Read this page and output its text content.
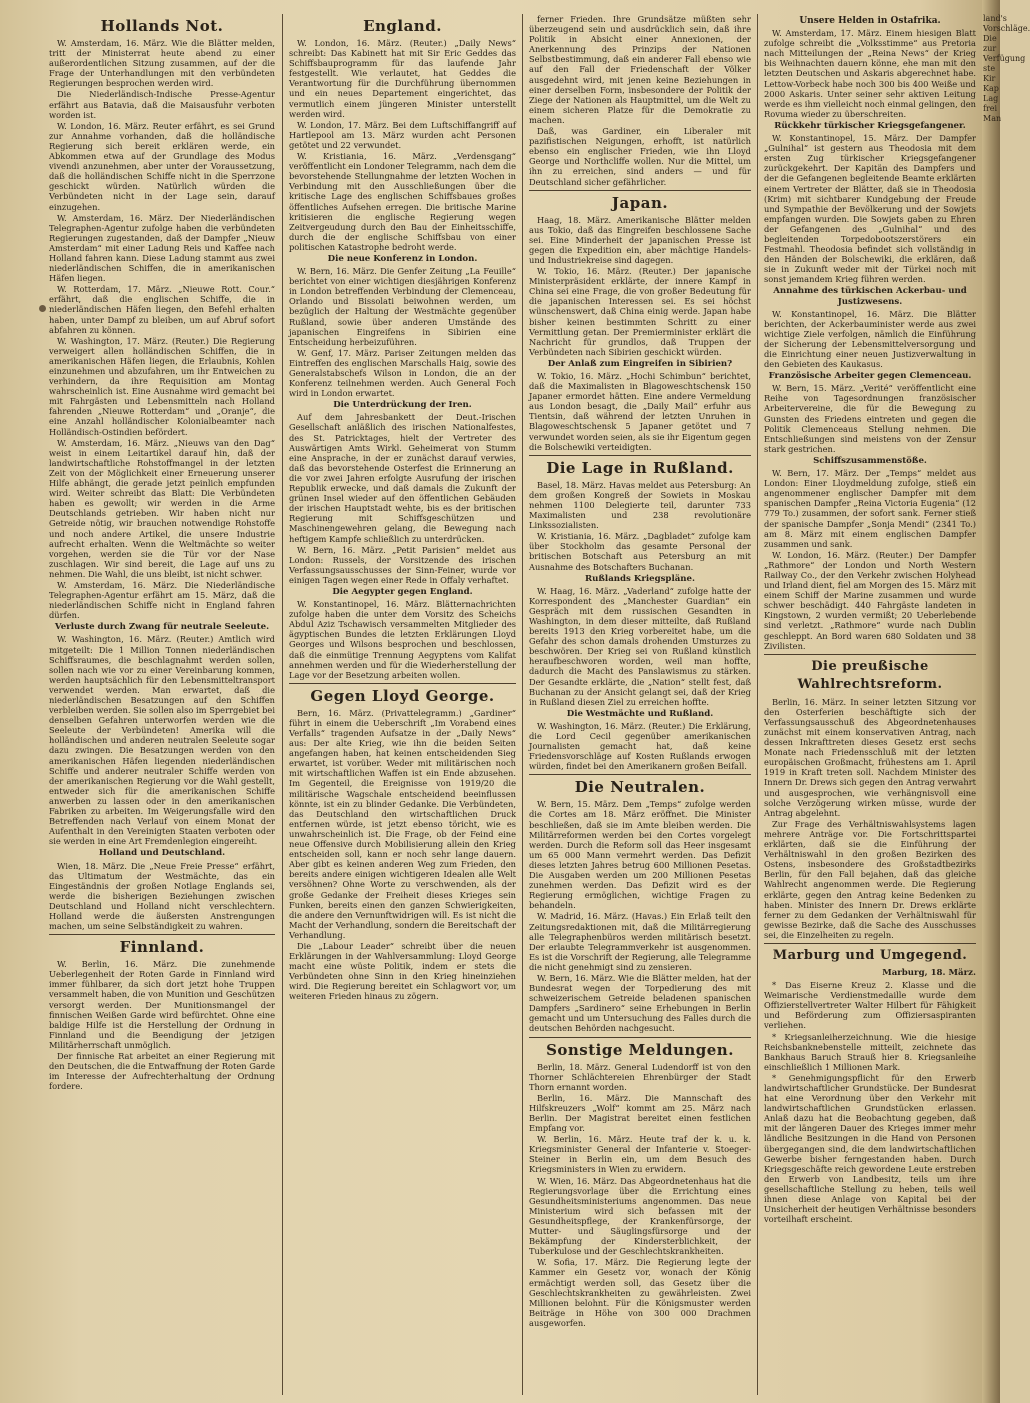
Hollands Not.

W. Amsterdam, 16. März. Wie die Blätter melden, tritt der Ministerrat heute abend zu einer außerordentlichen Sitzung zusammen, auf der die Frage der Unterhandlungen mit den verbündeten Regierungen besprochen werden wird.

Die Niederländisch-Indische Presse-Agentur erfährt aus Batavia, daß die Maisausfuhr verboten worden ist.

W. London, 16. März. Reuter erfährt, es sei Grund zur Annahme vorhanden, daß die holländische Regierung sich bereit erklären werde, ein Abkommen etwa auf der Grundlage des Modus vivendi anzunehmen, aber unter der Voraussetzung, daß die holländischen Schiffe nicht in die Sperrzone geschickt würden. Natürlich würden die Verbündeten nicht in der Lage sein, darauf einzugehen.

W. Amsterdam, 16. März. Der Niederländischen Telegraphen-Agentur zufolge haben die verbündeten Regierungen zugestanden, daß der Dampfer „Nieuw Amsterdam“ mit einer Ladung Reis und Kaffee nach Holland fahren kann. Diese Ladung stammt aus zwei niederländischen Schiffen, die in amerikanischen Häfen liegen.

W. Rotterdam, 17. März. „Nieuwe Rott. Cour.“ erfährt, daß die englischen Schiffe, die in niederländischen Häfen liegen, den Befehl erhalten haben, unter Dampf zu bleiben, um auf Abruf sofort abfahren zu können.

W. Washington, 17. März. (Reuter.) Die Regierung verweigert allen holländischen Schiffen, die in amerikanischen Häfen liegen, die Erlaubnis, Kohlen einzunehmen und abzufahren, um ihr Entweichen zu verhindern, da ihre Requisition am Montag wahrscheinlich ist. Eine Ausnahme wird gemacht bei mit Fahrgästen und Lebensmitteln nach Holland fahrenden „Nieuwe Rotterdam“ und „Oranje“, die eine Anzahl holländischer Kolonialbeamter nach Holländisch-Ostindien befördert.

W. Amsterdam, 16. März. „Nieuws van den Dag“ weist in einem Leitartikel darauf hin, daß der landwirtschaftliche Rohstoffmangel in der letzten Zeit von der Möglichkeit einer Erneuerung unserer Hilfe abhängt, die gerade jetzt peinlich empfunden wird. Weiter schreibt das Blatt: Die Verbündeten haben es gewollt; wir werden in die Arme Deutschlands getrieben. Wir haben nicht nur Getreide nötig, wir brauchen notwendige Rohstoffe und noch andere Artikel, die unsere Industrie aufrecht erhalten. Wenn die Weltmächte so weiter vorgehen, werden sie die Tür vor der Nase zuschlagen. Wir sind bereit, die Lage auf uns zu nehmen. Die Wahl, die uns bleibt, ist nicht schwer.

W. Amsterdam, 16. März. Die Niederländische Telegraphen-Agentur erfährt am 15. März, daß die niederländischen Schiffe nicht in England fahren dürfen.

Verluste durch Zwang für neutrale Seeleute.

W. Washington, 16. März. (Reuter.) Amtlich wird mitgeteilt: Die 1 Million Tonnen niederländischen Schiffsraumes, die beschlagnahmt werden sollen, sollen nach wie vor zu einer Vereinbarung kommen, werden hauptsächlich für den Lebensmitteltransport verwendet werden. Man erwartet, daß die niederländischen Besatzungen auf den Schiffen verbleiben werden. Sie sollen also im Sperrgebiet bei denselben Gefahren unterworfen werden wie die Seeleute der Verbündeten! Amerika will die holländischen und anderen neutralen Seeleute sogar dazu zwingen. Die Besatzungen werden von den amerikanischen Häfen liegenden niederländischen Schiffe und anderer neutraler Schiffe werden von der amerikanischen Regierung vor die Wahl gestellt, entweder sich für die amerikanischen Schiffe anwerben zu lassen oder in den amerikanischen Fabriken zu arbeiten. Im Weigerungsfalle wird den Betreffenden nach Verlauf von einem Monat der Aufenthalt in den Vereinigten Staaten verboten oder sie werden in eine Art Fremdenlegion eingereiht.

Holland und Deutschland.

Wien, 18. März. Die „Neue Freie Presse“ erfährt, das Ultimatum der Westmächte, das ein Eingeständnis der großen Notlage Englands sei, werde die bisherigen Beziehungen zwischen Deutschland und Holland nicht verschlechtern. Holland werde die äußersten Anstrengungen machen, um seine Selbständigkeit zu wahren.

Finnland.

W. Berlin, 16. März. Die zunehmende Ueberlegenheit der Roten Garde in Finnland wird immer fühlbarer, da sich dort jetzt hohe Truppen versammelt haben, die von Munition und Geschützen versorgt werden. Der Munitionsmangel der finnischen Weißen Garde wird befürchtet. Ohne eine baldige Hilfe ist die Herstellung der Ordnung in Finnland und die Beendigung der jetzigen Militärherrschaft unmöglich.

Der finnische Rat arbeitet an einer Regierung mit den Deutschen, die die Entwaffnung der Roten Garde im Interesse der Aufrechterhaltung der Ordnung fordere.

England.

W. London, 16. März. (Reuter.) „Daily News“ schreibt: Das Kabinett hat mit Sir Eric Geddes das Schiffsbauprogramm für das laufende Jahr festgestellt. Wie verlautet, hat Geddes die Verantwortung für die Durchführung übernommen und ein neues Departement eingerichtet, das vermutlich einem jüngeren Minister unterstellt werden wird.

W. London, 17. März. Bei dem Luftschiffangriff auf Hartlepool am 13. März wurden acht Personen getötet und 22 verwundet.

W. Kristiania, 16. März. „Verdensgang“ veröffentlicht ein Londoner Telegramm, nach dem die bevorstehende Stellungnahme der letzten Wochen in Verbindung mit den Ausschließungen über die kritische Lage des englischen Schiffsbaues großes öffentliches Aufsehen erregen. Die britische Marine kritisieren die englische Regierung wegen Zeitvergeudung durch den Bau der Einheitsschiffe, durch die der englische Schiffsbau von einer politischen Katastrophe bedroht werde.

Die neue Konferenz in London.

W. Bern, 16. März. Die Genfer Zeitung „La Feuille“ berichtet von einer wichtigen diesjährigen Konferenz in London betreffenden Verbindung der Clemenceau, Orlando und Bissolati beiwohnen werden, um bezüglich der Haltung der Westmächte gegenüber Rußland, sowie über anderen Umstände des japanischen Eingreifens in Sibirien eine Entscheidung herbeizuführen.

W. Genf, 17. März. Pariser Zeitungen melden das Eintreffen des englischen Marschalls Haig, sowie des Generalstabschefs Wilson in London, die an der Konferenz teilnehmen werden. Auch General Foch wird in London erwartet.

Die Unterdrückung der Iren.

Auf dem Jahresbankett der Deut.-Irischen Gesellschaft anläßlich des irischen Nationalfestes, des St. Patricktages, hielt der Vertreter des Auswärtigen Amts Wirkl. Geheimerat von Stumm eine Ansprache, in der er zunächst darauf verwies, daß das bevorstehende Osterfest die Erinnerung an die vor zwei Jahren erfolgte Ausrufung der irischen Republik erwecke, und daß damals die Zukunft der grünen Insel wieder auf den öffentlichen Gebäuden der irischen Hauptstadt wehte, bis es der britischen Regierung mit Schiffsgeschützen und Maschinengewehren gelang, die Bewegung nach heftigem Kampfe schließlich zu unterdrücken.

W. Bern, 16. März. „Petit Parisien“ meldet aus London: Russels, der Vorsitzende des irischen Verfassungsausschusses der Sinn-Feiner, wurde vor einigen Tagen wegen einer Rede in Offaly verhaftet.

Die Aegypter gegen England.

W. Konstantinopel, 16. März. Blätternachrichten zufolge haben die unter dem Vorsitz des Scheichs Abdul Aziz Tschawisch versammelten Mitglieder des ägyptischen Bundes die letzten Erklärungen Lloyd Georges und Wilsons besprochen und beschlossen, daß die einmütige Trennung Aegyptens vom Kalifat annehmen werden und für die Wiederherstellung der Lage vor der Besetzung arbeiten wollen.

Gegen Lloyd George.

Bern, 16. März. (Privattelegramm.) „Gardiner“ führt in einem die Ueberschrift „Im Vorabend eines Verfalls“ tragenden Aufsatze in der „Daily News“ aus: Der alte Krieg, wie ihn die beiden Seiten angefangen haben, hat keinen entscheidenden Sieg erwartet, ist vorüber. Weder mit militärischen noch mit wirtschaftlichen Waffen ist ein Ende abzusehen. Im Gegenteil, die Ereignisse von 1919/20 die militärische Wagschale entscheidend beeinflussen könnte, ist ein zu blinder Gedanke. Die Verbündeten, das Deutschland den wirtschaftlichen Druck entfernen würde, ist jetzt ebenso töricht, wie es unwahrscheinlich ist. Die Frage, ob der Feind eine neue Offensive durch Mobilisierung allein den Krieg entscheiden soll, kann er noch sehr lange dauern. Aber gibt es keinen anderen Weg zum Frieden, den bereits andere einigen wichtigeren Idealen alle Welt versöhnen? Ohne Worte zu verschwenden, als der große Gedanke der Freiheit dieses Krieges sein Funken, bereits einen den ganzen Schwierigkeiten, die andere den Vernunftwidrigen will. Es ist nicht die Macht der Verhandlung, sondern die Bereitschaft der Verhandlung.

Die „Labour Leader“ schreibt über die neuen Erklärungen in der Wahlversammlung: Lloyd George macht eine wüste Politik, indem er stets die Verbündeten ohne Sinn in den Krieg hineinziehen wird. Die Regierung bereitet ein Schlagwort vor, um weiteren Frieden hinaus zu zögern.

ferner Frieden. Ihre Grundsätze müßten sehr überzeugend sein und ausdrücklich sein, daß ihre Politik in Absicht einer Annexionen, der Anerkennung des Prinzips der Nationen Selbstbestimmung, daß ein anderer Fall ebenso wie auf den Fall der Friedenschaft der Völker ausgedehnt wird, mit jenen keine Beziehungen in einer derselben Form, insbesondere der Politik der Ziege der Nationen als Hauptmittel, um die Welt zu einem sicheren Platze für die Demokratie zu machen.

Daß, was Gardiner, ein Liberaler mit pazifistischen Neigungen, erhofft, ist natürlich ebenso ein englischer Frieden, wie ihn Lloyd George und Northcliffe wollen. Nur die Mittel, um ihn zu erreichen, sind anders — und für Deutschland sicher gefährlicher.

Japan.

Haag, 18. März. Amerikanische Blätter melden aus Tokio, daß das Eingreifen beschlossene Sache sei. Eine Minderheit der japanischen Presse ist gegen die Expedition ein, aber mächtige Handels- und Industriekreise sind dagegen.

W. Tokio, 16. März. (Reuter.) Der japanische Ministerpräsident erklärte, der innere Kampf in China sei eine Frage, die von großer Bedeutung für die japanischen Interessen sei. Es sei höchst wünschenswert, daß China einig werde. Japan habe bisher keinen bestimmten Schritt zu einer Vermittlung getan. Der Premierminister erklärt die Nachricht für grundlos, daß Truppen der Verbündeten nach Sibirien geschickt würden.

Der Anlaß zum Eingreifen in Sibirien?

W. Tokio, 16. März. „Hochi Schimbun“ berichtet, daß die Maximalisten in Blagoweschtschensk 150 Japaner ermordet hätten. Eine andere Vermeldung aus London besagt, die „Daily Mail“ erfuhr aus Tientsin, daß während der letzten Unruhen in Blagoweschtschensk 5 Japaner getötet und 7 verwundet worden seien, als sie ihr Eigentum gegen die Bolschewiki verteidigten.

Die Lage in Rußland.

Basel, 18. März. Havas meldet aus Petersburg: An dem großen Kongreß der Sowiets in Moskau nehmen 1100 Delegierte teil, darunter 733 Maximalisten und 238 revolutionäre Linkssozialisten.

W. Kristiania, 16. März. „Dagbladet“ zufolge kam über Stockholm das gesamte Personal der britischen Botschaft aus Petersburg an mit Ausnahme des Botschafters Buchanan.

Rußlands Kriegspläne.

W. Haag, 16. März. „Vaderland“ zufolge hatte der Korrespondent des „Manchester Guardian“ ein Gespräch mit dem russischen Gesandten in Washington, in dem dieser mitteilte, daß Rußland bereits 1913 den Krieg vorbereitet habe, um die Gefahr des schon damals drohenden Umsturzes zu beschwören. Der Krieg sei von Rußland künstlich heraufbeschworen worden, weil man hoffte, dadurch die Macht des Panslawismus zu stärken. Der Gesandte erklärte, die „Nation“ stellt fest, daß Buchanan zu der Ansicht gelangt sei, daß der Krieg in Rußland diesen Ziel zu erreichen hoffte.

Die Westmächte und Rußland.

W. Washington, 16. März. (Reuter.) Die Erklärung, die Lord Cecil gegenüber amerikanischen Journalisten gemacht hat, daß keine Friedensvorschläge auf Kosten Rußlands erwogen würden, findet bei den Amerikanern großen Beifall.

Die Neutralen.

W. Bern, 15. März. Dem „Temps“ zufolge werden die Cortes am 18. März eröffnet. Die Minister beschließen, daß sie im Amte bleiben werden. Die Militärreformen werden bei den Cortes vorgelegt werden. Durch die Reform soll das Heer insgesamt um 65 000 Mann vermehrt werden. Das Defizit dieses letzten Jahres betrug 600 Millionen Pesetas. Die Ausgaben werden um 200 Millionen Pesetas zunehmen werden. Das Defizit wird es der Regierung ermöglichen, wichtige Fragen zu behandeln.

W. Madrid, 16. März. (Havas.) Ein Erlaß teilt den Zeitungsredaktionen mit, daß die Militärregierung alle Telegraphenbüros werden militärisch besetzt. Der erlaubte Telegrammverkehr ist ausgenommen. Es ist die Vorschrift der Regierung, alle Telegramme die nicht genehmigt sind zu zensieren.

W. Bern, 16. März. Wie die Blätter melden, hat der Bundesrat wegen der Torpedierung des mit schweizerischem Getreide beladenen spanischen Dampfers „Sardinero“ seine Erhebungen in Berlin gemacht und um Untersuchung des Falles durch die deutschen Behörden nachgesucht.

Sonstige Meldungen.

Berlin, 18. März. General Ludendorff ist von den Thorner Schlächtereien Ehrenbürger der Stadt Thorn ernannt worden.

Berlin, 16. März. Die Mannschaft des Hilfskreuzers „Wolf“ kommt am 25. März nach Berlin. Der Magistrat bereitet einen festlichen Empfang vor.

W. Berlin, 16. März. Heute traf der k. u. k. Kriegsminister General der Infanterie v. Stoeger-Steiner in Berlin ein, um dem Besuch des Kriegsministers in Wien zu erwidern.

W. Wien, 16. März. Das Abgeordnetenhaus hat die Regierungsvorlage über die Errichtung eines Gesundheitsministeriums angenommen. Das neue Ministerium wird sich befassen mit der Gesundheitspflege, der Krankenfürsorge, der Mutter- und Säuglingsfürsorge und der Bekämpfung der Kindersterblichkeit, der Tuberkulose und der Geschlechtskrankheiten.

W. Sofia, 17. März. Die Regierung legte der Kammer ein Gesetz vor, wonach der König ermächtigt werden soll, das Gesetz über die Geschlechtskrankheiten zu gewährleisten. Zwei Millionen belohnt. Für die Königsmuster werden Beiträge in Höhe von 300 000 Drachmen ausgeworfen.

Unsere Helden in Ostafrika.

W. Amsterdam, 17. März. Einem hiesigen Blatt zufolge schreibt die „Volksstimme“ aus Pretoria nach Mitteilungen der „Reina News“ der Krieg bis Weihnachten dauern könne, ehe man mit den letzten Deutschen und Askaris abgerechnet habe. Lettow-Vorbeck habe noch 300 bis 400 Weiße und 2000 Askaris. Unter seiner sehr aktiven Leitung werde es ihm vielleicht noch einmal gelingen, den Rovuma wieder zu überschreiten.

Rückkehr türkischer Kriegsgefangener.

W. Konstantinopel, 15. März. Der Dampfer „Gulnihal“ ist gestern aus Theodosia mit dem ersten Zug türkischer Kriegsgefangener zurückgekehrt. Der Kapitän des Dampfers und der die Gefangenen begleitende Beamte erklärten einem Vertreter der Blätter, daß sie in Theodosia (Krim) mit sichtbarer Kundgebung der Freude und Sympathie der Bevölkerung und der Sowjets empfangen wurden. Die Sowjets gaben zu Ehren der Gefangenen des „Gulnihal“ und des begleitenden Torpedobootszerstörers ein Festmahl. Theodosia befindet sich vollständig in den Händen der Bolschewiki, die erklären, daß sie in Zukunft weder mit der Türkei noch mit sonst jemandem Krieg führen werden.

Annahme des türkischen Ackerbau- und Justizwesens.

W. Konstantinopel, 16. März. Die Blätter berichten, der Ackerbauminister werde aus zwei wichtige Ziele verfolgen, nämlich die Einführung der Sicherung der Lebensmittelversorgung und die Einrichtung einer neuen Justizverwaltung in den Gebieten des Kaukasus.

Französische Arbeiter gegen Clemenceau.

W. Bern, 15. März. „Verité“ veröffentlicht eine Reihe von Tagesordnungen französischer Arbeitervereine, die für die Bewegung zu Gunsten des Friedens eintreten und gegen die Politik Clemenceaus Stellung nehmen. Die Entschließungen sind meistens von der Zensur stark gestrichen.

Schiffszusammenstöße.

W. Bern, 17. März. Der „Temps“ meldet aus London: Einer Lloydmeldung zufolge, stieß ein angenommener englischer Dampfer mit dem spanischen Dampfer „Reina Victoria Eugenia“ (12 779 To.) zusammen, der sofort sank. Ferner stieß der spanische Dampfer „Sonja Mendi“ (2341 To.) am 8. März mit einem englischen Dampfer zusammen und sank.

W. London, 16. März. (Reuter.) Der Dampfer „Rathmore“ der London und North Western Railway Co., der den Verkehr zwischen Holyhead und Irland dient, fiel am Morgen des 15. März mit einem Schiff der Marine zusammen und wurde schwer beschädigt. 440 Fahrgäste landeten in Kingstown, 2 wurden vermißt; 20 Ueberlebende sind verletzt. „Rathmore“ wurde nach Dublin geschleppt. An Bord waren 680 Soldaten und 38 Zivilisten.

Die preußische Wahlrechtsreform.

Berlin, 16. März. In seiner letzten Sitzung vor den Osterferien beschäftigte sich der Verfassungsausschuß des Abgeordnetenhauses zunächst mit einem konservativen Antrag, nach dessen Inkrafttreten dieses Gesetz erst sechs Monate nach Friedensschluß mit der letzten europäischen Großmacht, frühestens am 1. April 1919 in Kraft treten soll. Nachdem Minister des Innern Dr. Drews sich gegen den Antrag verwahrt und ausgesprochen, wie verhängnisvoll eine solche Verzögerung wirken müsse, wurde der Antrag abgelehnt.

Zur Frage des Verhältniswahlsystems lagen mehrere Anträge vor. Die Fortschrittspartei erklärten, daß sie die Einführung der Verhältniswahl in den großen Bezirken des Ostens, insbesondere des Großstadtbezirks Berlin, für den Fall bejahen, daß das gleiche Wahlrecht angenommen werde. Die Regierung erklärte, gegen den Antrag keine Bedenken zu haben. Minister des Innern Dr. Drews erklärte ferner zu dem Gedanken der Verhältniswahl für gewisse Bezirke, daß die Sache des Ausschusses sei, die Einzelheiten zu regeln.

Marburg und Umgegend.
Marburg, 18. März.

* Das Eiserne Kreuz 2. Klasse und die Weimarische Verdienstmedaille wurde dem Offizierstellvertreter Walter Hilbert für Fähigkeit und Beförderung zum Offiziersaspiranten verliehen.

* Kriegsanleiherzeichnung. Wie die hiesige Reichsbanknebenstelle mitteilt, zeichnete das Bankhaus Baruch Strauß hier 8. Kriegsanleihe einschließlich 1 Millionen Mark.

* Genehmigungspflicht für den Erwerb landwirtschaftlicher Grundstücke. Der Bundesrat hat eine Verordnung über den Verkehr mit landwirtschaftlichen Grundstücken erlassen. Anlaß dazu hat die Beobachtung gegeben, daß mit der längeren Dauer des Krieges immer mehr ländliche Besitzungen in die Hand von Personen übergegangen sind, die dem landwirtschaftlichen Gewerbe bisher ferngestanden haben. Durch Kriegsgeschäfte reich gewordene Leute erstreben den Erwerb von Landbesitz, teils um ihre gesellschaftliche Stellung zu heben, teils weil ihnen diese Anlage von Kapital bei der Unsicherheit der heutigen Verhältnisse besonders vorteilhaft erscheint.

land's Vorschläge. Die zur Verfügung ste Kir Kap Lag frei Man
